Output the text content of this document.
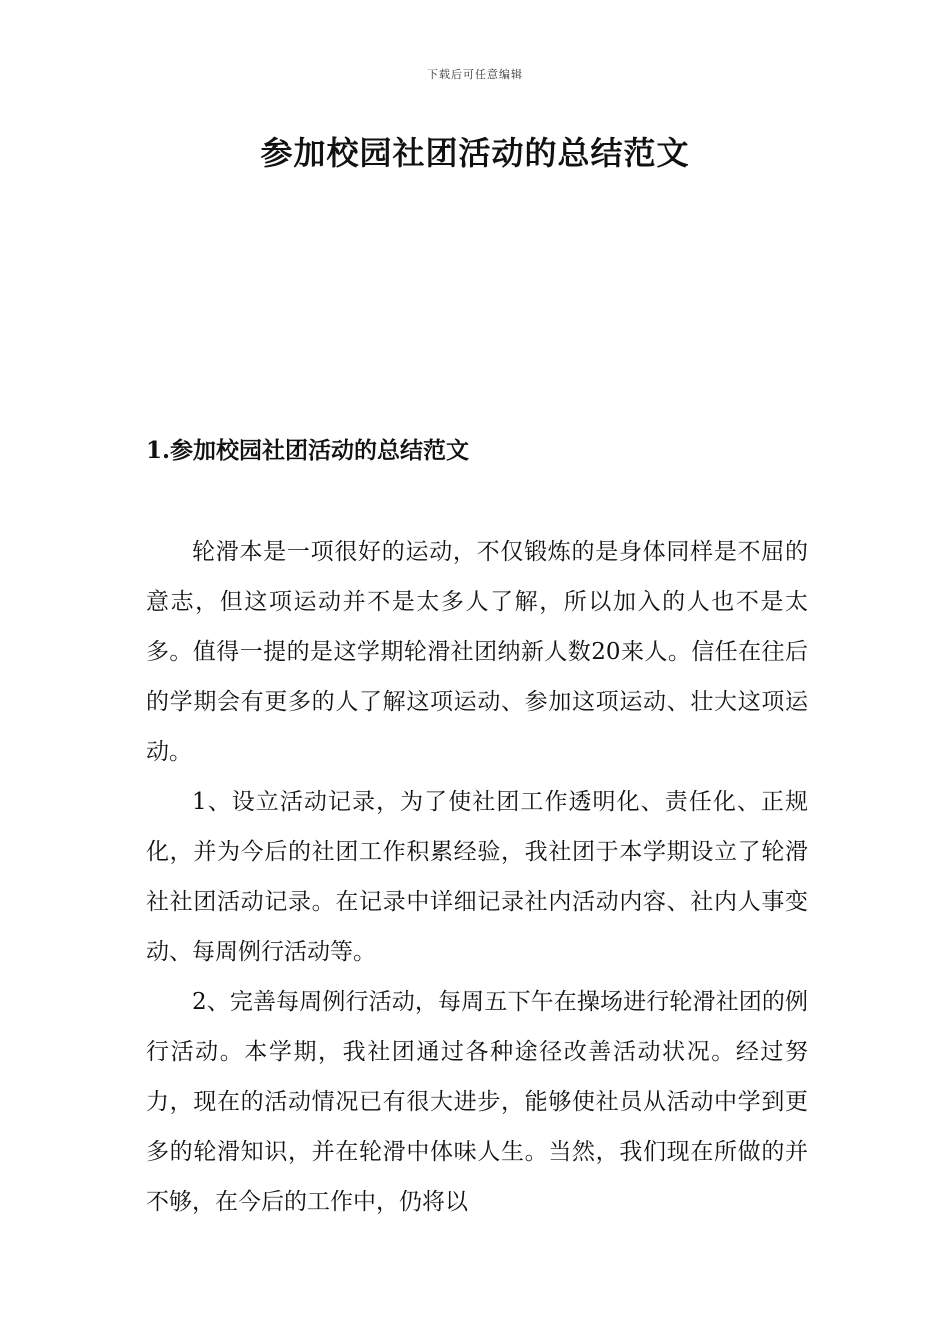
下载后可任意编辑
参加校园社团活动的总结范文
1.参加校园社团活动的总结范文

轮滑本是一项很好的运动，不仅锻炼的是身体同样是不屈的意志，但这项运动并不是太多人了解，所以加入的人也不是太多。值得一提的是这学期轮滑社团纳新人数20来人。信任在往后的学期会有更多的人了解这项运动、参加这项运动、壮大这项运动。

1、设立活动记录，为了使社团工作透明化、责任化、正规化，并为今后的社团工作积累经验，我社团于本学期设立了轮滑社社团活动记录。在记录中详细记录社内活动内容、社内人事变动、每周例行活动等。

2、完善每周例行活动，每周五下午在操场进行轮滑社团的例行活动。本学期，我社团通过各种途径改善活动状况。经过努力，现在的活动情况已有很大进步，能够使社员从活动中学到更多的轮滑知识，并在轮滑中体味人生。当然，我们现在所做的并不够，在今后的工作中，仍将以
